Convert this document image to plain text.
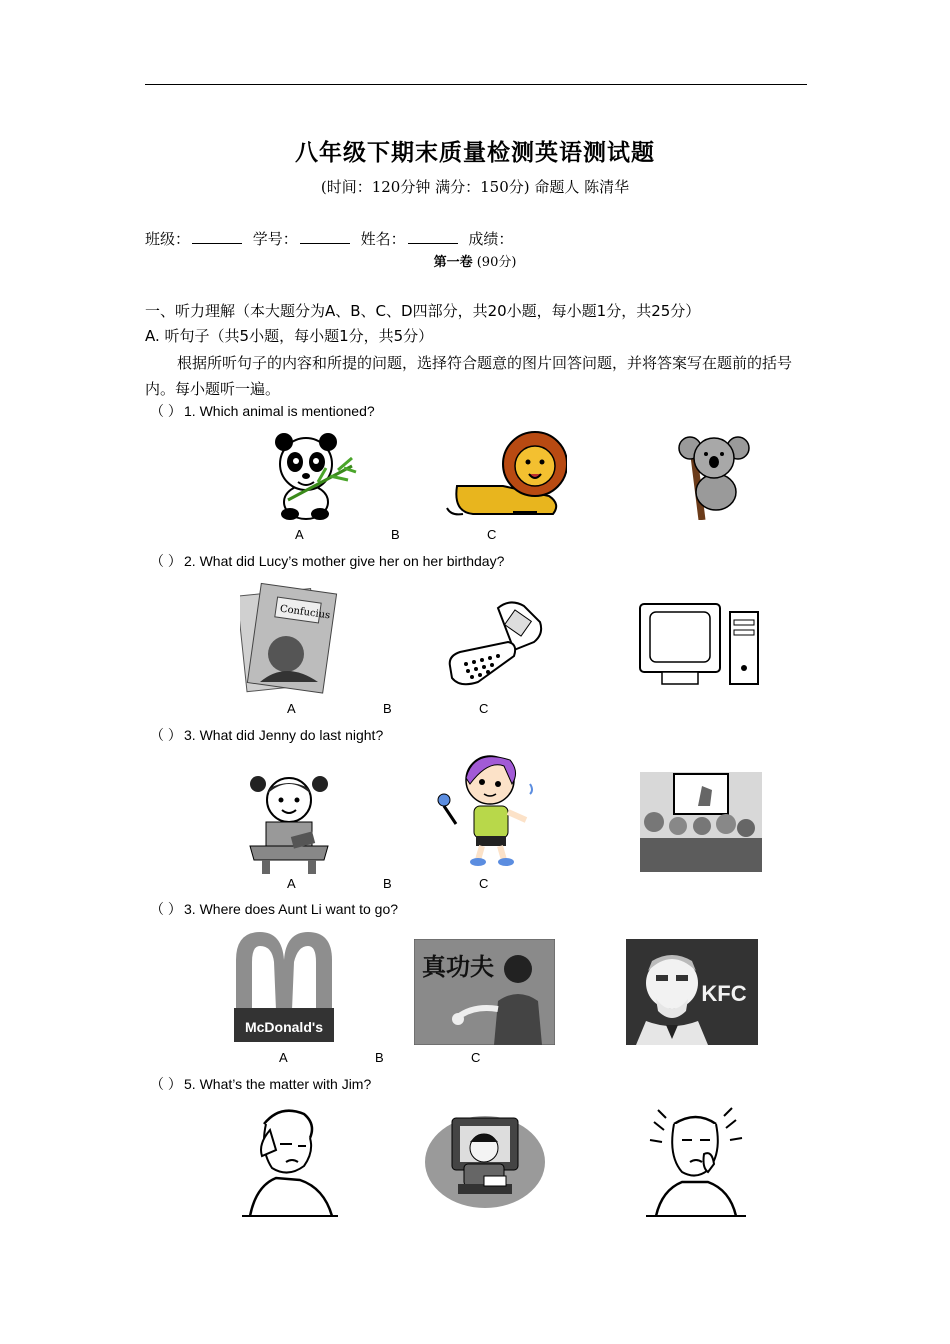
八年级下期末质量检测英语测试题
(时间：120分钟 满分：150分) 命题人 陈清华
班级：	学号：	姓名：	成绩：
第一卷 (90分)
一、听力理解（本大题分为A、B、C、D四部分，共20小题，每小题1分，共25分）
A. 听句子（共5小题，每小题1分，共5分）
根据所听句子的内容和所提的问题，选择符合题意的图片回答问题，并将答案写在题前的括号内。每小题听一遍。
（ ） 1. Which animal is mentioned?
A	B	C
（ ） 2. What did Lucy’s mother give her on her birthday?
Confucius
A	B	C
（ ） 3. What did Jenny do last night?
A	B	C
（ ） 3. Where does Aunt Li want to go?
McDonald's
真功夫
KFC
A	B	C
（ ） 5. What’s the matter with Jim?
